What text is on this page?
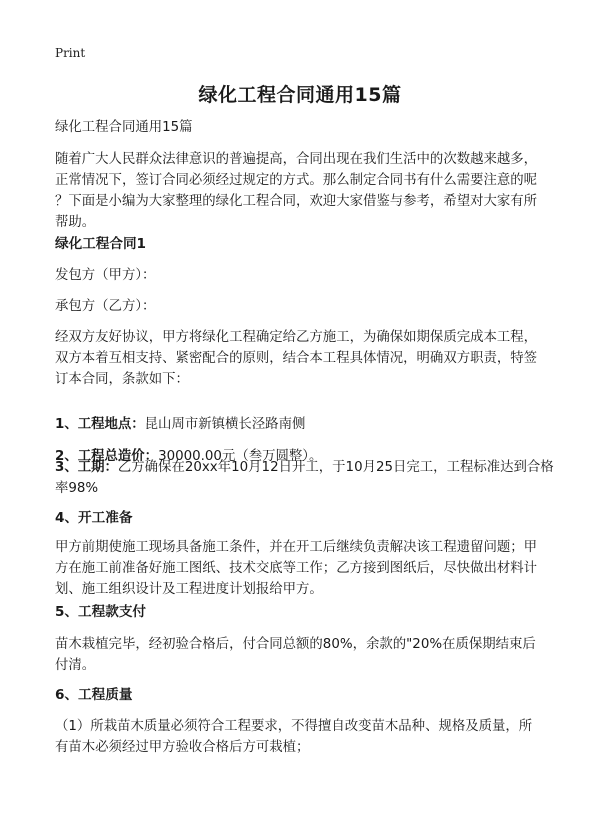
Print
绿化工程合同通用15篇
绿化工程合同通用15篇
随着广大人民群众法律意识的普遍提高，合同出现在我们生活中的次数越来越多，
正常情况下，签订合同必须经过规定的方式。那么制定合同书有什么需要注意的呢
？下面是小编为大家整理的绿化工程合同，欢迎大家借鉴与参考，希望对大家有所
帮助。
绿化工程合同1
发包方（甲方）：
承包方（乙方）：
经双方友好协议，甲方将绿化工程确定给乙方施工，为确保如期保质完成本工程，
双方本着互相支持、紧密配合的原则，结合本工程具体情况，明确双方职责，特签
订本合同，条款如下：

1、工程地点：昆山周市新镇横长泾路南侧

2、工程总造价：30000.00元（叁万圆整）。

3、工期：乙方确保在20xx年10月12日开工，于10月25日完工，工程标准达到合格
率98%
4、开工准备
甲方前期使施工现场具备施工条件，并在开工后继续负责解决该工程遗留问题；甲
方在施工前准备好施工图纸、技术交底等工作；乙方接到图纸后，尽快做出材料计
划、施工组织设计及工程进度计划报给甲方。
5、工程款支付
苗木栽植完毕，经初验合格后，付合同总额的80%，余款的"20%在质保期结束后
付清。
6、工程质量
（1）所栽苗木质量必须符合工程要求，不得擅自改变苗木品种、规格及质量，所
有苗木必须经过甲方验收合格后方可栽植；
